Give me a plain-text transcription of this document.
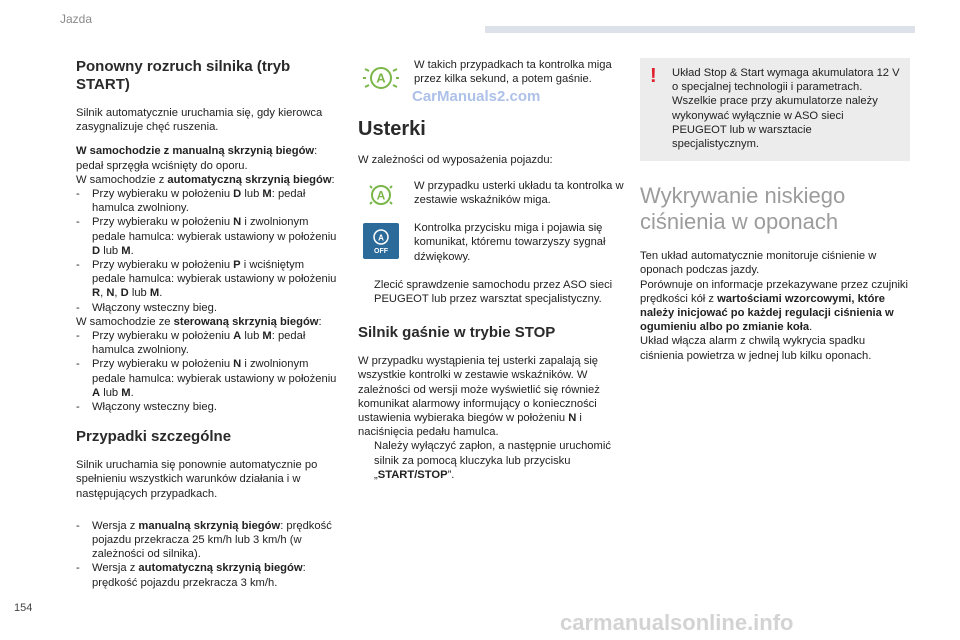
Jazda
154
CarManuals2.com
carmanualsonline.info
Ponowny rozruch silnika (tryb START)

Silnik automatycznie uruchamia się, gdy kierowca zasygnalizuje chęć ruszenia.

W samochodzie z manualną skrzynią biegów: pedał sprzęgła wciśnięty do oporu.

W samochodzie z automatyczną skrzynią biegów:

-	Przy wybieraku w położeniu D lub M: pedał hamulca zwolniony.
-	Przy wybieraku w położeniu N i zwolnionym pedale hamulca: wybierak ustawiony w położeniu D lub M.
-	Przy wybieraku w położeniu P i wciśniętym pedale hamulca: wybierak ustawiony w położeniu R, N, D lub M.
-	Włączony wsteczny bieg.

W samochodzie ze sterowaną skrzynią biegów:

-	Przy wybieraku w położeniu A lub M: pedał hamulca zwolniony.
-	Przy wybieraku w położeniu N i zwolnionym pedale hamulca: wybierak ustawiony w położeniu A lub M.
-	Włączony wsteczny bieg.
Przypadki szczególne

Silnik uruchamia się ponownie automatycznie po spełnieniu wszystkich warunków działania i w następujących przypadkach.

-	Wersja z manualną skrzynią biegów: prędkość pojazdu przekracza 25 km/h lub 3 km/h (w zależności od silnika).
-	Wersja z automatyczną skrzynią biegów: prędkość pojazdu przekracza 3 km/h.
A

W takich przypadkach ta kontrolka miga przez kilka sekund, a potem gaśnie.

Usterki

W zależności od wyposażenia pojazdu:

A

W przypadku usterki układu ta kontrolka w zestawie wskaźników miga.

A
OFF

Kontrolka przycisku miga i pojawia się komunikat, któremu towarzyszy sygnał dźwiękowy.

Zlecić sprawdzenie samochodu przez ASO sieci PEUGEOT lub przez warsztat specjalistyczny.
Silnik gaśnie w trybie STOP

W przypadku wystąpienia tej usterki zapalają się wszystkie kontrolki w zestawie wskaźników. W zależności od wersji może wyświetlić się również komunikat alarmowy informujący o konieczności ustawienia wybieraka biegów w położeniu N i naciśnięcia pedału hamulca.

Należy wyłączyć zapłon, a następnie uruchomić silnik za pomocą kluczyka lub przycisku „START/STOP”.
!	Układ Stop & Start wymaga akumulatora 12 V o specjalnej technologii i parametrach.

Wszelkie prace przy akumulatorze należy wykonywać wyłącznie w ASO sieci PEUGEOT lub w warsztacie specjalistycznym.

Wykrywanie niskiego ciśnienia w oponach

Ten układ automatycznie monitoruje ciśnienie w oponach podczas jazdy.

Porównuje on informacje przekazywane przez czujniki prędkości kół z wartościami wzorcowymi, które należy inicjować po każdej regulacji ciśnienia w ogumieniu albo po zmianie koła.

Układ włącza alarm z chwilą wykrycia spadku ciśnienia powietrza w jednej lub kilku oponach.
